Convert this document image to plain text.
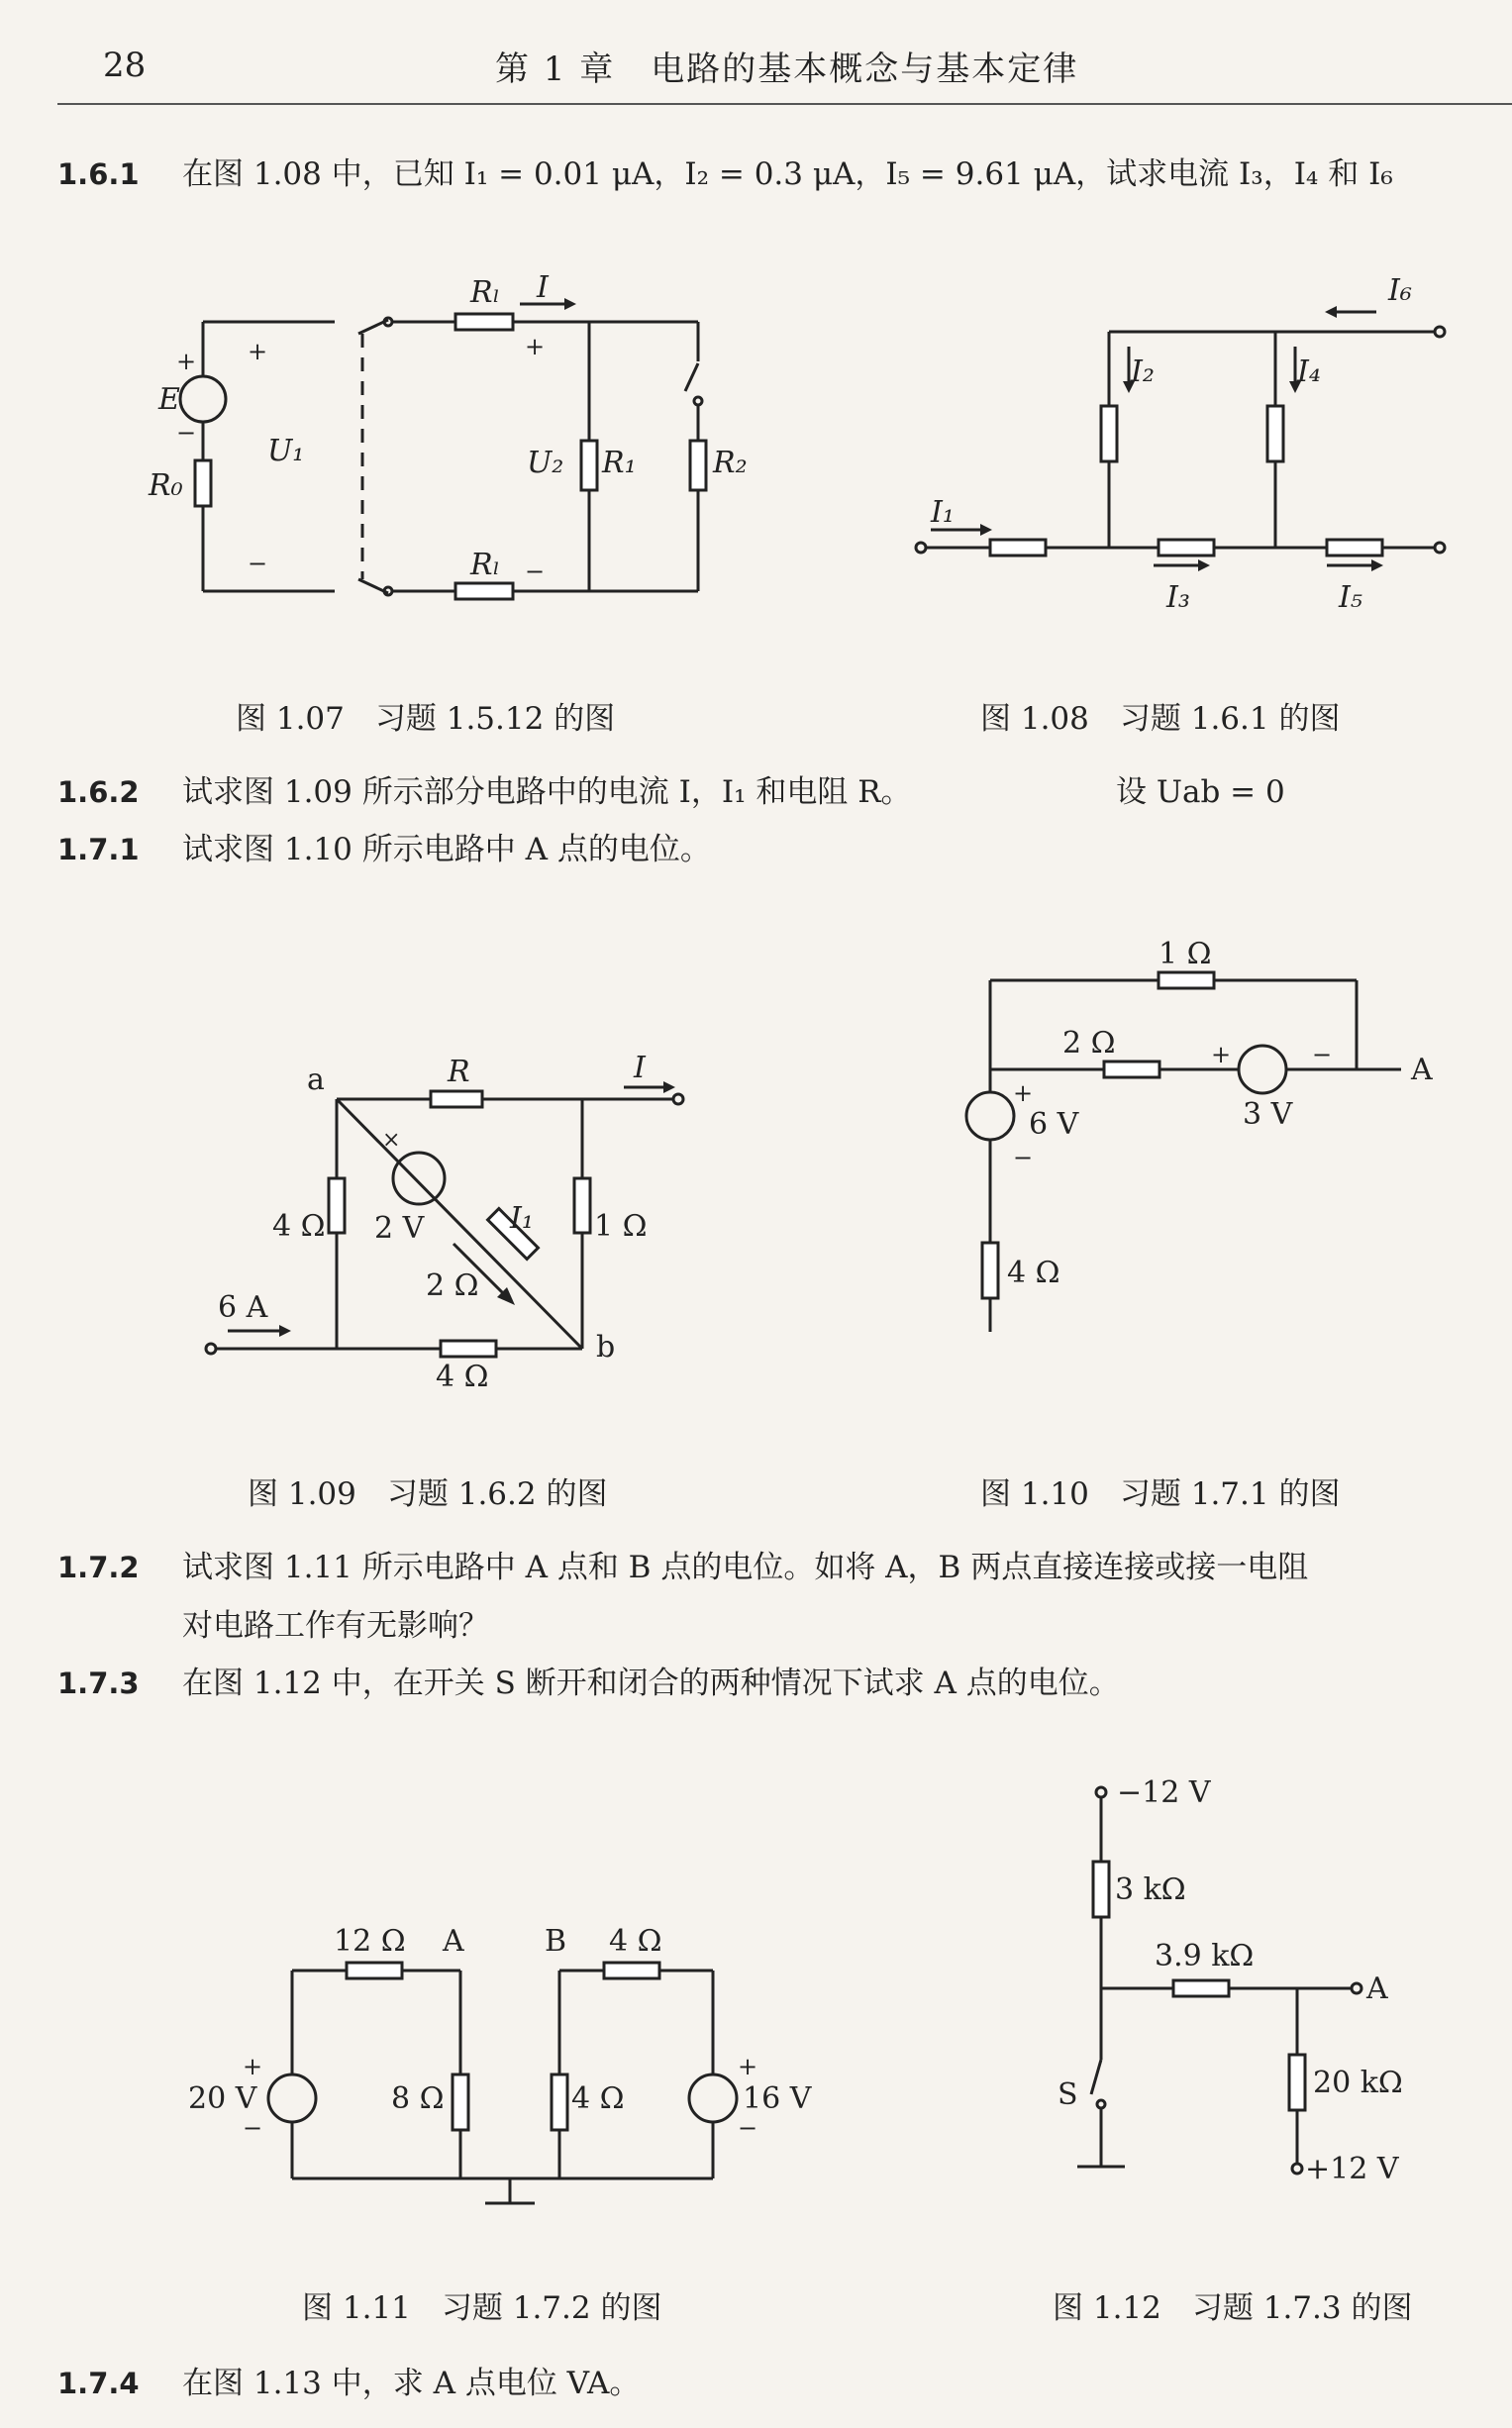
28	第 1 章　电路的基本概念与基本定律
1.6.1 在图 1.08 中，已知 I₁ = 0.01 μA，I₂ = 0.3 μA，I₅ = 9.61 μA，试求电流 I₃，I₄ 和 I₆
E
+
−
R₀
+
U₁
−
Rₗ I
+
U₂
−
R₁	R₂
Rₗ
图 1.07　习题 1.5.12 的图
I₆
I₂	I₄
I₁
I₃	I₅
图 1.08　习题 1.6.1 的图
1.6.2 试求图 1.09 所示部分电路中的电流 I，I₁ 和电阻 R。	设 Uab = 0
1.7.1 试求图 1.10 所示电路中 A 点的电位。
a	R	I
×
4 Ω 2 V	I₁ 1 Ω
2 Ω
6 A
b
4 Ω
图 1.09　习题 1.6.2 的图
1 Ω
2 Ω	+	−	A
3 V
+
6 V
−
4 Ω
图 1.10　习题 1.7.1 的图
1.7.2 试求图 1.11 所示电路中 A 点和 B 点的电位。如将 A，B 两点直接连接或接一电阻
对电路工作有无影响？
1.7.3 在图 1.12 中，在开关 S 断开和闭合的两种情况下试求 A 点的电位。
12 Ω A	B 4 Ω
+
20 V
−
8 Ω	4 Ω
+
16 V
−
图 1.11　习题 1.7.2 的图
−12 V
3 kΩ
3.9 kΩ
A
S	20 kΩ
+12 V
图 1.12　习题 1.7.3 的图
1.7.4 在图 1.13 中，求 A 点电位 VA。
